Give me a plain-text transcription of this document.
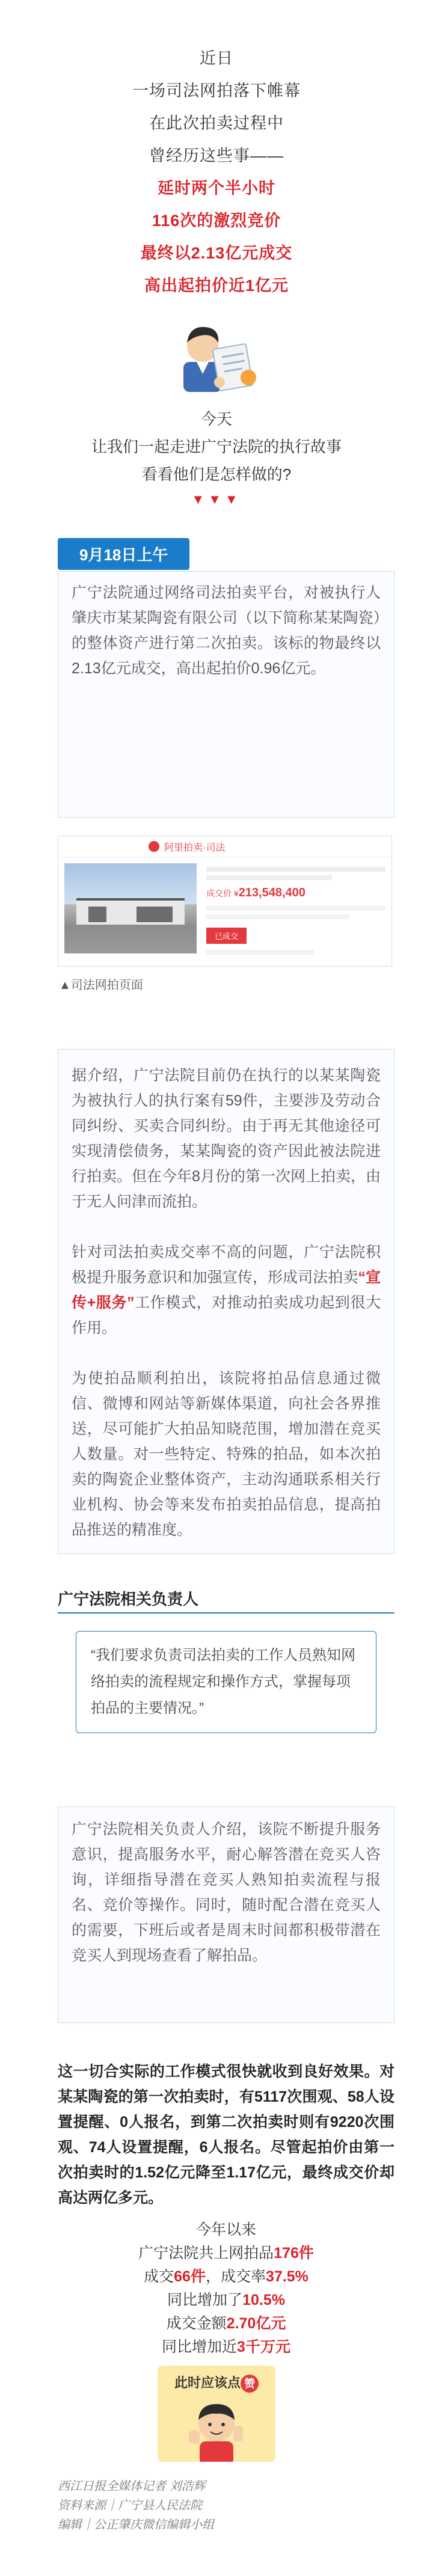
近日

一场司法网拍落下帷幕

在此次拍卖过程中

曾经历这些事——

延时两个半小时

116次的激烈竞价

最终以2.13亿元成交

高出起拍价近1亿元

今天

让我们一起走进广宁法院的执行故事

看看他们是怎样做的?

▼▼▼
9月18日上午

广宁法院通过网络司法拍卖平台，对被执行人肇庆市某某陶瓷有限公司（以下简称某某陶瓷）的整体资产进行第二次拍卖。该标的物最终以2.13亿元成交，高出起拍价0.96亿元。

阿里拍卖·司法
成交价 ¥213,548,400
已成交
▲司法网拍页面

据介绍，广宁法院目前仍在执行的以某某陶瓷为被执行人的执行案有59件，主要涉及劳动合同纠纷、买卖合同纠纷。由于再无其他途径可实现清偿债务，某某陶瓷的资产因此被法院进行拍卖。但在今年8月份的第一次网上拍卖，由于无人问津而流拍。

针对司法拍卖成交率不高的问题，广宁法院积极提升服务意识和加强宣传，形成司法拍卖“宣传+服务”工作模式，对推动拍卖成功起到很大作用。

为使拍品顺利拍出，该院将拍品信息通过微信、微博和网站等新媒体渠道，向社会各界推送，尽可能扩大拍品知晓范围，增加潜在竞买人数量。对一些特定、特殊的拍品，如本次拍卖的陶瓷企业整体资产，主动沟通联系相关行业机构、协会等来发布拍卖拍品信息，提高拍品推送的精准度。

广宁法院相关负责人
“我们要求负责司法拍卖的工作人员熟知网络拍卖的流程规定和操作方式，掌握每项拍品的主要情况。”

广宁法院相关负责人介绍，该院不断提升服务意识，提高服务水平，耐心解答潜在竞买人咨询，详细指导潜在竞买人熟知拍卖流程与报名、竞价等操作。同时，随时配合潜在竞买人的需要，下班后或者是周末时间都积极带潜在竞买人到现场查看了解拍品。

这一切合实际的工作模式很快就收到良好效果。对某某陶瓷的第一次拍卖时，有5117次围观、58人设置提醒、0人报名，到第二次拍卖时则有9220次围观、74人设置提醒，6人报名。尽管起拍价由第一次拍卖时的1.52亿元降至1.17亿元，最终成交价却高达两亿多元。

今年以来

广宁法院共上网拍品176件

成交66件，成交率37.5%

同比增加了10.5%

成交金额2.70亿元

同比增加近3千万元

此时应该点 赞

西江日报全媒体记者 刘浩辉

资料来源｜广宁县人民法院

编辑｜公正肇庆微信编辑小组
